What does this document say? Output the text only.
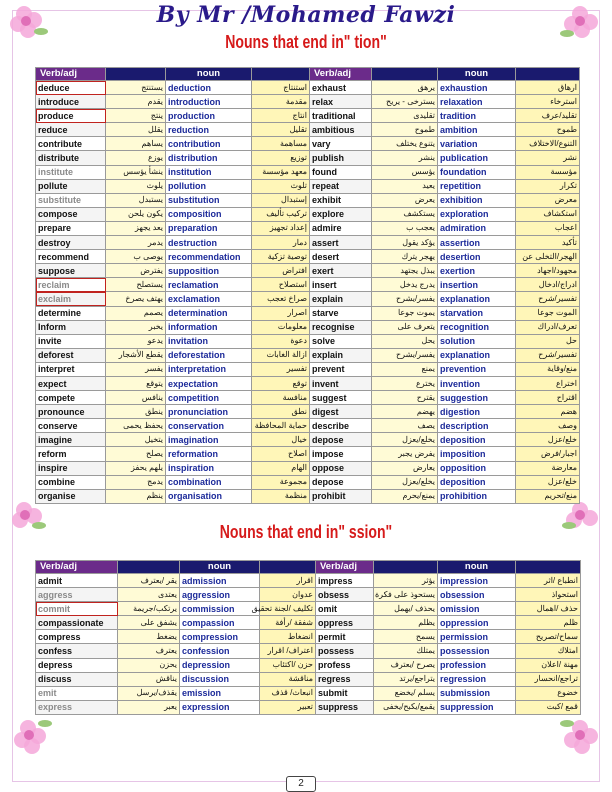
By Mr /Mohamed Fawzi
Nouns that end in" tion"
Verb/adj		noun	
deduce	يستنتج	deduction	استنتاج
introduce	يقدم	introduction	مقدمة
produce	ينتج	production	انتاج
reduce	يقلل	reduction	تقليل
contribute	يساهم	contribution	مساهمة
distribute	يوزع	distribution	توزيع
institute	ينشأ يؤسس	institution	معهد مؤسسة
pollute	يلوث	pollution	تلوث
substitute	يستبدل	substitution	إستبدال
compose	يكون يلحن	composition	تركيب تأليف
prepare	يعد يجهز	preparation	إعداد تجهيز
destroy	يدمر	destruction	دمار
recommend	يوصى ب	recommendation	توصية تزكية
suppose	يفترض	supposition	افتراض
reclaim	يستصلح	reclamation	استصلاح
exclaim	يهتف يصرخ	exclamation	صراخ تعجب
determine	يصمم	determination	اصرار
Inform	يخبر	information	معلومات
invite	يدعو	invitation	دعوة
deforest	يقطع الأشجار	deforestation	ازالة الغابات
interpret	يفسر	interpretation	تفسير
expect	يتوقع	expectation	توقع
compete	ينافس	competition	منافسة
pronounce	ينطق	pronunciation	نطق
conserve	يحفظ يحمى	conservation	حماية المحافظة
imagine	يتخيل	imagination	خيال
reform	يصلح	reformation	اصلاح
inspire	يلهم يحفز	inspiration	الهام
combine	يدمج	combination	مجموعة
organise	ينظم	organisation	منظمة
Verb/adj		noun	
exhaust	يرهق	exhaustion	ارهاق
relax	يسترخى - يريح	relaxation	استرخاء
traditional	تقليدى	tradition	تقليد/عرف
ambitious	طموح	ambition	طموح
vary	يتنوع يختلف	variation	التنوع/الاختلاف
publish	ينشر	publication	نشر
found	يؤسس	foundation	مؤسسة
repeat	يعيد	repetition	تكرار
exhibit	يعرض	exhibition	معرض
explore	يستكشف	exploration	استكشاف
admire	يعجب ب	admiration	اعجاب
assert	يؤكد يقول	assertion	تأكيد
desert	يهجر يترك	desertion	الهجر/التخلى عن
exert	يبذل يجتهد	exertion	مجهود/اجهاد
insert	يدرج يدخل	insertion	ادراج/ادخال
explain	يفسر/يشرح	explanation	تفسير/شرح
starve	يموت جوعا	starvation	الموت جوعا
recognise	يتعرف على	recognition	تعرف/ادراك
solve	يحل	solution	حل
explain	يفسر/يشرح	explanation	تفسير/شرح
prevent	يمنع	prevention	منع/وقاية
invent	يخترع	invention	اختراع
suggest	يقترح	suggestion	اقتراح
digest	يهضم	digestion	هضم
describe	يصف	description	وصف
depose	يخلع/يعزل	deposition	خلع/عزل
impose	يفرض يجبر	imposition	اجبار/فرض
oppose	يعارض	opposition	معارضة
depose	يخلع/يعزل	deposition	خلع/عزل
prohibit	يمنع/يحرم	prohibition	منع/تحريم
Nouns that end in" ssion"
Verb/adj		noun	
admit	يقر /يعترف	admission	اقرار
aggress	يعتدى	aggression	عدوان
commit	يرتكب/جريمة	commission	تكليف /لجنة تحقيق
compassionate	يشفق على	compassion	شفقة /رأفة
compress	يضغط	compression	انضغاط
confess	يعترف	confession	اعتراف/ اقرار
depress	يحزن	depression	حزن /اكتئاب
discuss	يناقش	discussion	مناقشة
emit	يقذف/يرسل	emission	انبعاث/ قذف
express	يعبر	expression	تعبير
Verb/adj		noun	
impress	يؤثر	impression	انطباع /اثر
obsess	يستحوذ على فكرة	obsession	استحواذ
omit	يحذف /يهمل	omission	حذف /اهمال
oppress	يظلم	oppression	ظلم
permit	يسمح	permission	سماح/تصريح
possess	يمتلك	possession	امتلاك
profess	يصرح /يعترف	profession	مهنة /اعلان
regress	يتراجع/يرتد	regression	تراجع/انحسار
submit	يسلم /يخضع	submission	خضوع
suppress	يقمع/يكبح/يخفى	suppression	قمع /كبت
2
